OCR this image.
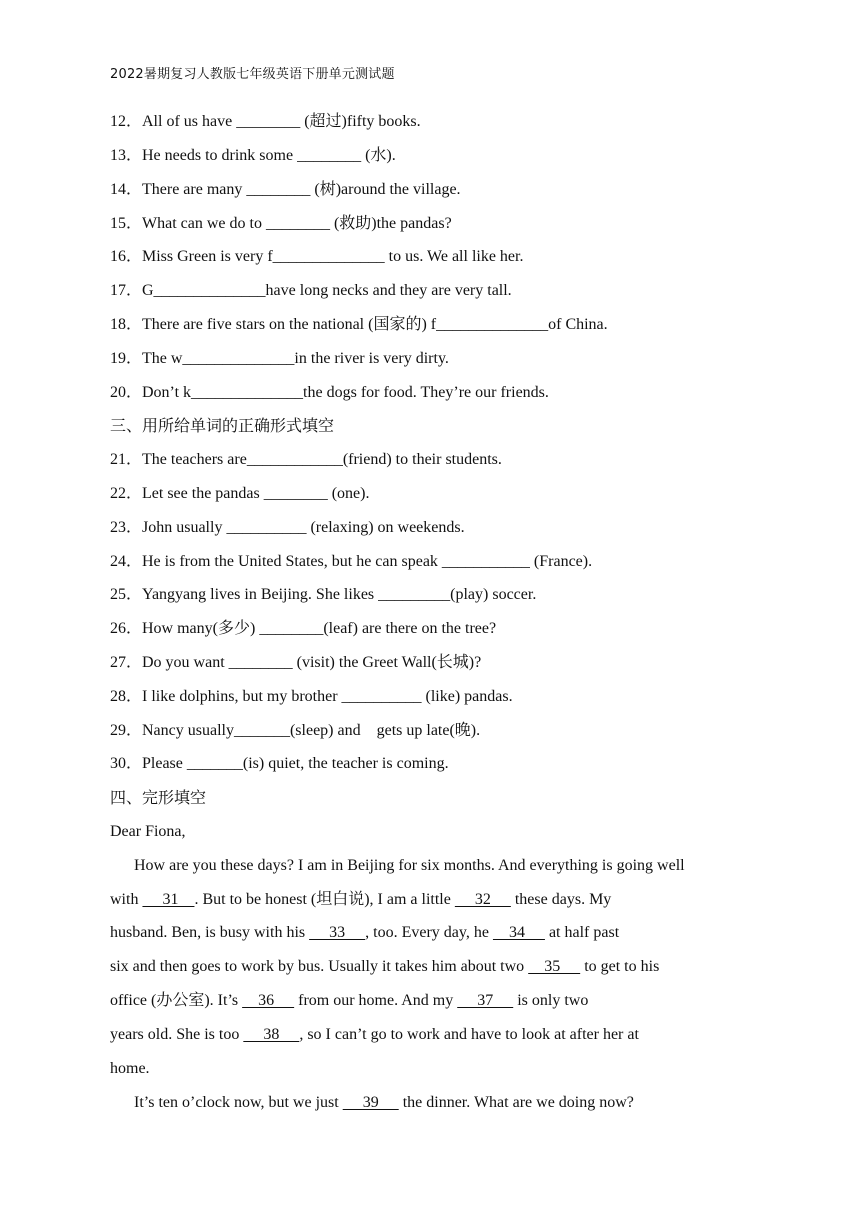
2022暑期复习人教版七年级英语下册单元测试题
12．All of us have ________ (超过)fifty books.
13．He needs to drink some ________ (水).
14．There are many ________ (树)around the village.
15．What can we do to ________ (救助)the pandas?
16．Miss Green is very f______________ to us. We all like her.
17．G______________have long necks and they are very tall.
18．There are five stars on the national (国家的) f______________of China.
19．The w______________in the river is very dirty.
20．Don’t k______________the dogs for food. They’re our friends.
三、用所给单词的正确形式填空
21．The teachers are____________(friend) to their students.
22．Let see the pandas ________ (one).
23．John usually __________ (relaxing) on weekends.
24．He is from the United States, but he can speak ___________ (France).
25．Yangyang lives in Beijing. She likes _________(play) soccer.
26．How many(多少) ________(leaf) are there on the tree?
27．Do you want ________ (visit) the Greet Wall(长城)?
28．I like dolphins, but my brother __________ (like) pandas.
29．Nancy usually_______(sleep) and    gets up late(晚).
30．Please _______(is) quiet, the teacher is coming.
四、完形填空
Dear Fiona,
How are you these days? I am in Beijing for six months. And everything is going well
with      31    . But to be honest (坦白说), I am a little      32      these days. My
husband. Ben, is busy with his      33     , too. Every day, he     34      at half past
six and then goes to work by bus. Usually it takes him about two     35      to get to his
office (办公室). It’s     36      from our home. And my      37      is only two
years old. She is too      38     , so I can’t go to work and have to look at after her at
home.
It’s ten o’clock now, but we just      39      the dinner. What are we doing now?
